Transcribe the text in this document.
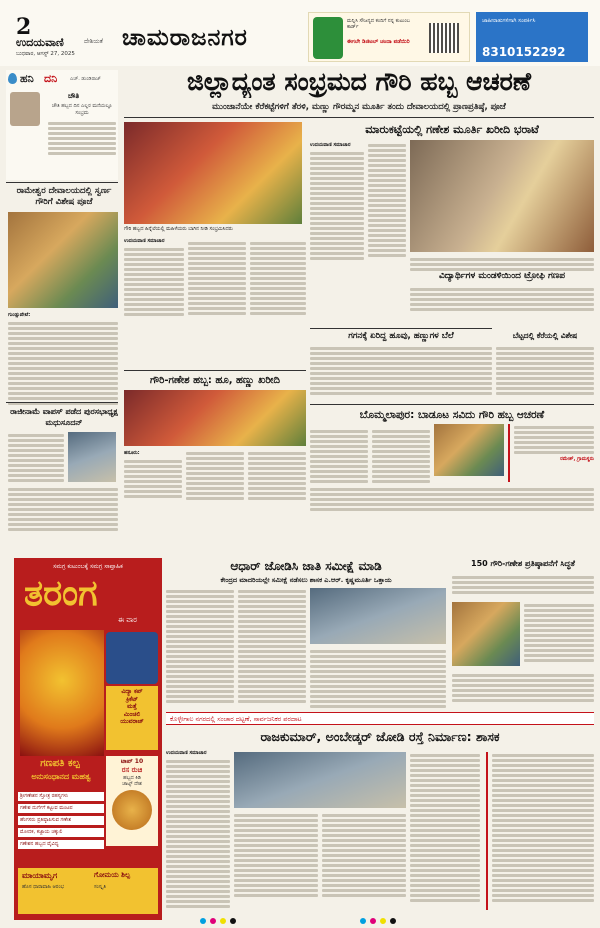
2
ಉದಯವಾಣಿ	ದೇಶಿಯತೆ
ಬುಧವಾರ, ಆಗಸ್ಟ್ 27, 2025
ಚಾಮರಾಜನಗರ
ಮನ್ನಿಸಿ ಸೌಜನ್ಯದ ಕಂದಿಗೆ ನನ್ನ ಕುಟುಂಬ ಕಾರ್ಡ್
ಈಗಲೇ ಡಿಜಿಟಲ್ ಚಂದಾ ಪಡೆಯಿರಿ
ಜಾಹೀರಾತುಗಳಿಗಾಗಿ ಸಂಪರ್ಕಿಸಿ
8310152292
ಹನಿ ದನಿ	ಎಚ್. ಡುಂಡಿರಾಜ್
ಚೌತಿ
ಚೌತಿ ಹಬ್ಬದ ದಿನ ಎಲ್ಲರ ಮನೆಯಲ್ಲೂ ಸಂಭ್ರಮ
ರಾಮೇಶ್ವರ ದೇವಾಲಯದಲ್ಲಿ ಸ್ವರ್ಣ ಗೌರಿಗೆ ವಿಶೇಷ ಪೂಜೆ
ಗುಂಡ್ಲುಪೇಟೆ:
ರಾಜೀನಾಮೆ ವಾಪಸ್ ಪಡೆದ ಪುರಸಭಾಧ್ಯಕ್ಷ ಮಧುಸೂದನ್
ಜಿಲ್ಲಾದ್ಯಂತ ಸಂಭ್ರಮದ ಗೌರಿ ಹಬ್ಬ ಆಚರಣೆ
ಮುಂಜಾನೆಯೇ ಕೆರೆಕಟ್ಟೆಗಳಿಗೆ ತೆರಳಿ, ಮಣ್ಣು ಗೌರಮ್ಮನ ಮೂರ್ತಿ ತಂದು ದೇವಾಲಯದಲ್ಲಿ ಪ್ರಾಣಪ್ರತಿಷ್ಠೆ, ಪೂಜೆ
ಗೌರಿ ಹಬ್ಬದ ಹಿನ್ನೆಲೆಯಲ್ಲಿ ಮಹಿಳೆಯರು ಬಾಗಿನ ನೀಡಿ ಸಂಭ್ರಮಿಸಿದರು
ಉದಯವಾಣಿ ಸಮಾಚಾರ
ಮಾರುಕಟ್ಟೆಯಲ್ಲಿ ಗಣೇಶ ಮೂರ್ತಿ ಖರೀದಿ ಭರಾಟೆ
ಉದಯವಾಣಿ ಸಮಾಚಾರ
ವಿದ್ಯಾರ್ಥಿಗಳ ಮಂಡಳಿಯಿಂದ ಟ್ರೋಫಿ ಗಣಪ
ಗೌರಿ-ಗಣೇಶ ಹಬ್ಬ: ಹೂ, ಹಣ್ಣು ಖರೀದಿ
ಹನೂರು:
ಗಗನಕ್ಕೆ ಏರಿದ್ದ ಹೂವು, ಹಣ್ಣುಗಳ ಬೆಲೆ	ಬೆಟ್ಟದಲ್ಲಿ ಕೆರೆಯಲ್ಲಿ ವಿಶೇಷ
ಬೊಮ್ಮಲಾಪುರ: ಬಾಡೂಟ ಸವಿದು ಗೌರಿ ಹಬ್ಬ ಆಚರಣೆ
ರಮೇಶ್, ಗ್ರಾಮಸ್ಥರು
ಸಮಗ್ರ ಕುಟುಂಬಕ್ಕೆ ಸಮಗ್ರ ಸಾಪ್ತಾಹಿಕ
ತರಂಗ
ಈ ವಾರ
ವಿದ್ಯಾ ಕಪ್
ಕ್ರಿಕೆಟ್
ಮತ್ತೆ
ಮಿಂಚಲಿ
ಯುವರಾಜ್
ಗಣಪತಿ ಕಲ್ಪ
ಅನುಸಂಧಾನದ ಮಹತ್ವ
ಶ್ರೀಗಣೇಶನ ಸ್ತೋತ್ರ ರಹಸ್ಯಗಳು
ಗಣೇಶ ದುರ್ಗೆಗೆ ಕಟ್ಟುವ ಮಂಟಪ
ಹೆಂಗಸರು ಪ್ರತಿಷ್ಠಾಪಿಸುವ ಗಣೇಶ
ಮೋದಕ, ಕಜ್ಜಾಯ ಚಕ್ಕುಲಿ
ಗಣೇಶನ ಹಬ್ಬದ ವೈವಿಧ್ಯ
ಟಾಪ್ 10
ರಸ ರುಚಿ
ಹಬ್ಬದ ಕಿಡಿ
ಚಾಟ್ಸ್ ದೇಶ
ಮಾಯಾಮೃಗ
ಹೊಸ ಧಾರಾವಾಹಿ ಆರಂಭ
ಗೋಮಯ ಶಿಲ್ಪ
ಸಂಸ್ಕೃತಿ
ಆಧಾರ್ ಜೋಡಿಸಿ ಜಾತಿ ಸಮೀಕ್ಷೆ ಮಾಡಿ
ಕೇಂದ್ರದ ಮಾದರಿಯಲ್ಲೇ ಸಮೀಕ್ಷೆ ನಡೆಸಲು ಶಾಸಕ ಎ.ಆರ್. ಕೃಷ್ಣಮೂರ್ತಿ ಒತ್ತಾಯ
150 ಗೌರಿ-ಗಣೇಶ ಪ್ರತಿಷ್ಠಾಪನೆಗೆ ಸಿದ್ಧತೆ
ಕೊಳ್ಳೇಗಾಲ ನಗರದಲ್ಲಿ ಸಂಚಾರ ದಟ್ಟಣೆ, ಸಾರ್ವಜನಿಕರ ಪರದಾಟ
ರಾಜಕುಮಾರ್, ಅಂಬೇಡ್ಕರ್ ಜೋಡಿ ರಸ್ತೆ ನಿರ್ಮಾಣ: ಶಾಸಕ
ಉದಯವಾಣಿ ಸಮಾಚಾರ
